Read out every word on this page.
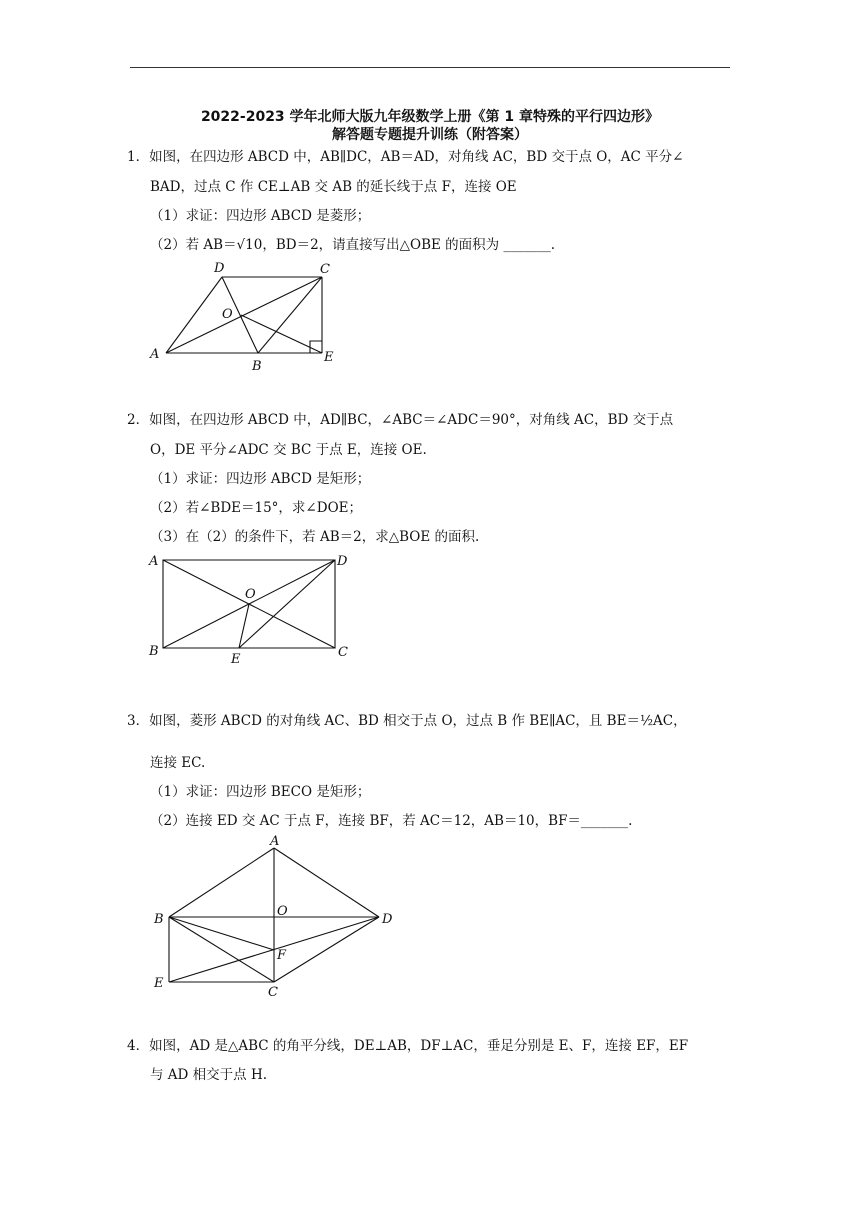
2022-2023 学年北师大版九年级数学上册《第 1 章特殊的平行四边形》
解答题专题提升训练（附答案）
1．如图，在四边形 ABCD 中，AB∥DC，AB＝AD，对角线 AC，BD 交于点 O，AC 平分∠
BAD，过点 C 作 CE⊥AB 交 AB 的延长线于点 F，连接 OE
（1）求证：四边形 ABCD 是菱形；
（2）若 AB＝√10，BD＝2，请直接写出△OBE 的面积为 _______.
D	C
O
A
B
E
2．如图，在四边形 ABCD 中，AD∥BC，∠ABC＝∠ADC＝90°，对角线 AC，BD 交于点
O，DE 平分∠ADC 交 BC 于点 E，连接 OE.
（1）求证：四边形 ABCD 是矩形；
（2）若∠BDE＝15°，求∠DOE；
（3）在（2）的条件下，若 AB＝2，求△BOE 的面积.
A	D
O
B
E	C
3．如图，菱形 ABCD 的对角线 AC、BD 相交于点 O，过点 B 作 BE∥AC，且 BE＝½AC，
连接 EC.
（1）求证：四边形 BECO 是矩形；
（2）连接 ED 交 AC 于点 F，连接 BF，若 AC＝12，AB＝10，BF＝_______.
A
B
O
D
F
E
C
4．如图，AD 是△ABC 的角平分线，DE⊥AB，DF⊥AC，垂足分别是 E、F，连接 EF，EF
与 AD 相交于点 H.
